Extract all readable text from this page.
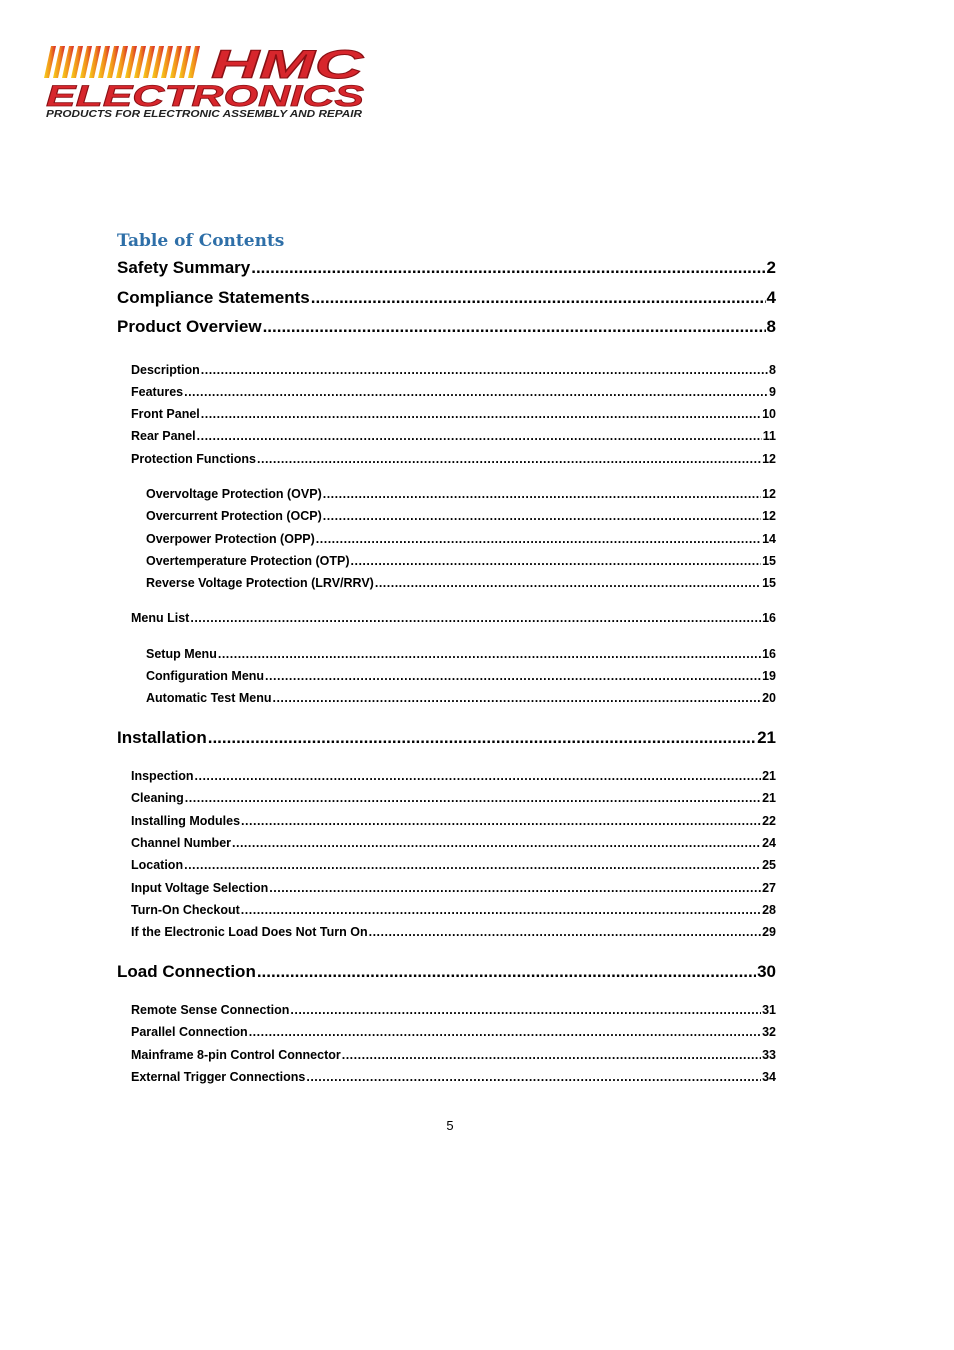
HMC
ELECTRONICS
PRODUCTS FOR ELECTRONIC ASSEMBLY AND REPAIR
Table of Contents
Safety Summary .....	2
Compliance Statements .....	4
Product Overview .....	8
Description .....	8
Features .....	9
Front Panel .....	10
Rear Panel .....	11
Protection Functions .....	12
Overvoltage Protection (OVP) .....	12
Overcurrent Protection (OCP) .....	12
Overpower Protection (OPP) .....	14
Overtemperature Protection (OTP) .....	15
Reverse Voltage Protection (LRV/RRV) .....	15
Menu List .....	16
Setup Menu .....	16
Configuration Menu .....	19
Automatic Test Menu .....	20
Installation .....	21
Inspection .....	21
Cleaning .....	21
Installing Modules .....	22
Channel Number .....	24
Location .....	25
Input Voltage Selection .....	27
Turn-On Checkout .....	28
If the Electronic Load Does Not Turn On .....	29
Load Connection .....	30
Remote Sense Connection .....	31
Parallel Connection .....	32
Mainframe 8-pin Control Connector .....	33
External Trigger Connections .....	34
5
